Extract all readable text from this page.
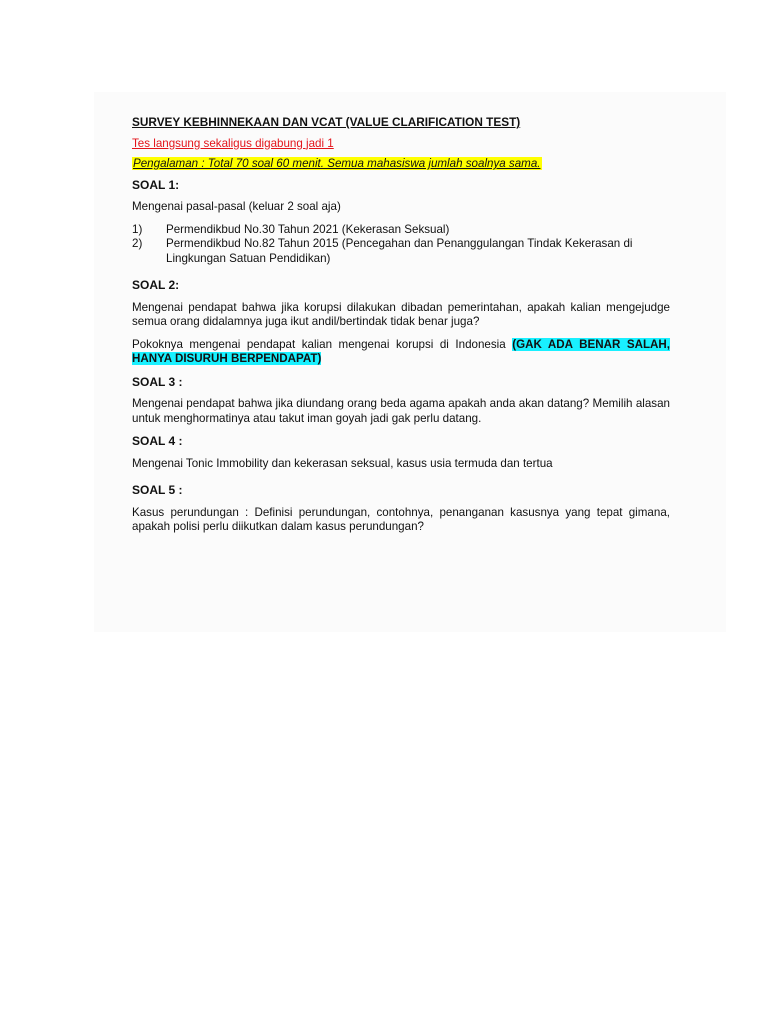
SURVEY KEBHINNEKAAN DAN VCAT (VALUE CLARIFICATION TEST)
Tes langsung sekaligus digabung jadi 1
Pengalaman : Total 70 soal 60 menit. Semua mahasiswa jumlah soalnya sama.
SOAL 1:

Mengenai pasal-pasal (keluar 2 soal aja)

1)	Permendikbud No.30 Tahun 2021 (Kekerasan Seksual)
2)	Permendikbud No.82 Tahun 2015 (Pencegahan dan Penanggulangan Tindak Kekerasan di Lingkungan Satuan Pendidikan)
SOAL 2:

Mengenai pendapat bahwa jika korupsi dilakukan dibadan pemerintahan, apakah kalian mengejudge semua orang didalamnya juga ikut andil/bertindak tidak benar juga?

Pokoknya mengenai pendapat kalian mengenai korupsi di Indonesia (GAK ADA BENAR SALAH, HANYA DISURUH BERPENDAPAT)

SOAL 3 :

Mengenai pendapat bahwa jika diundang orang beda agama apakah anda akan datang? Memilih alasan untuk menghormatinya atau takut iman goyah jadi gak perlu datang.

SOAL 4 :

Mengenai Tonic Immobility dan kekerasan seksual, kasus usia termuda dan tertua

SOAL 5 :

Kasus perundungan : Definisi perundungan, contohnya, penanganan kasusnya yang tepat gimana, apakah polisi perlu diikutkan dalam kasus perundungan?
